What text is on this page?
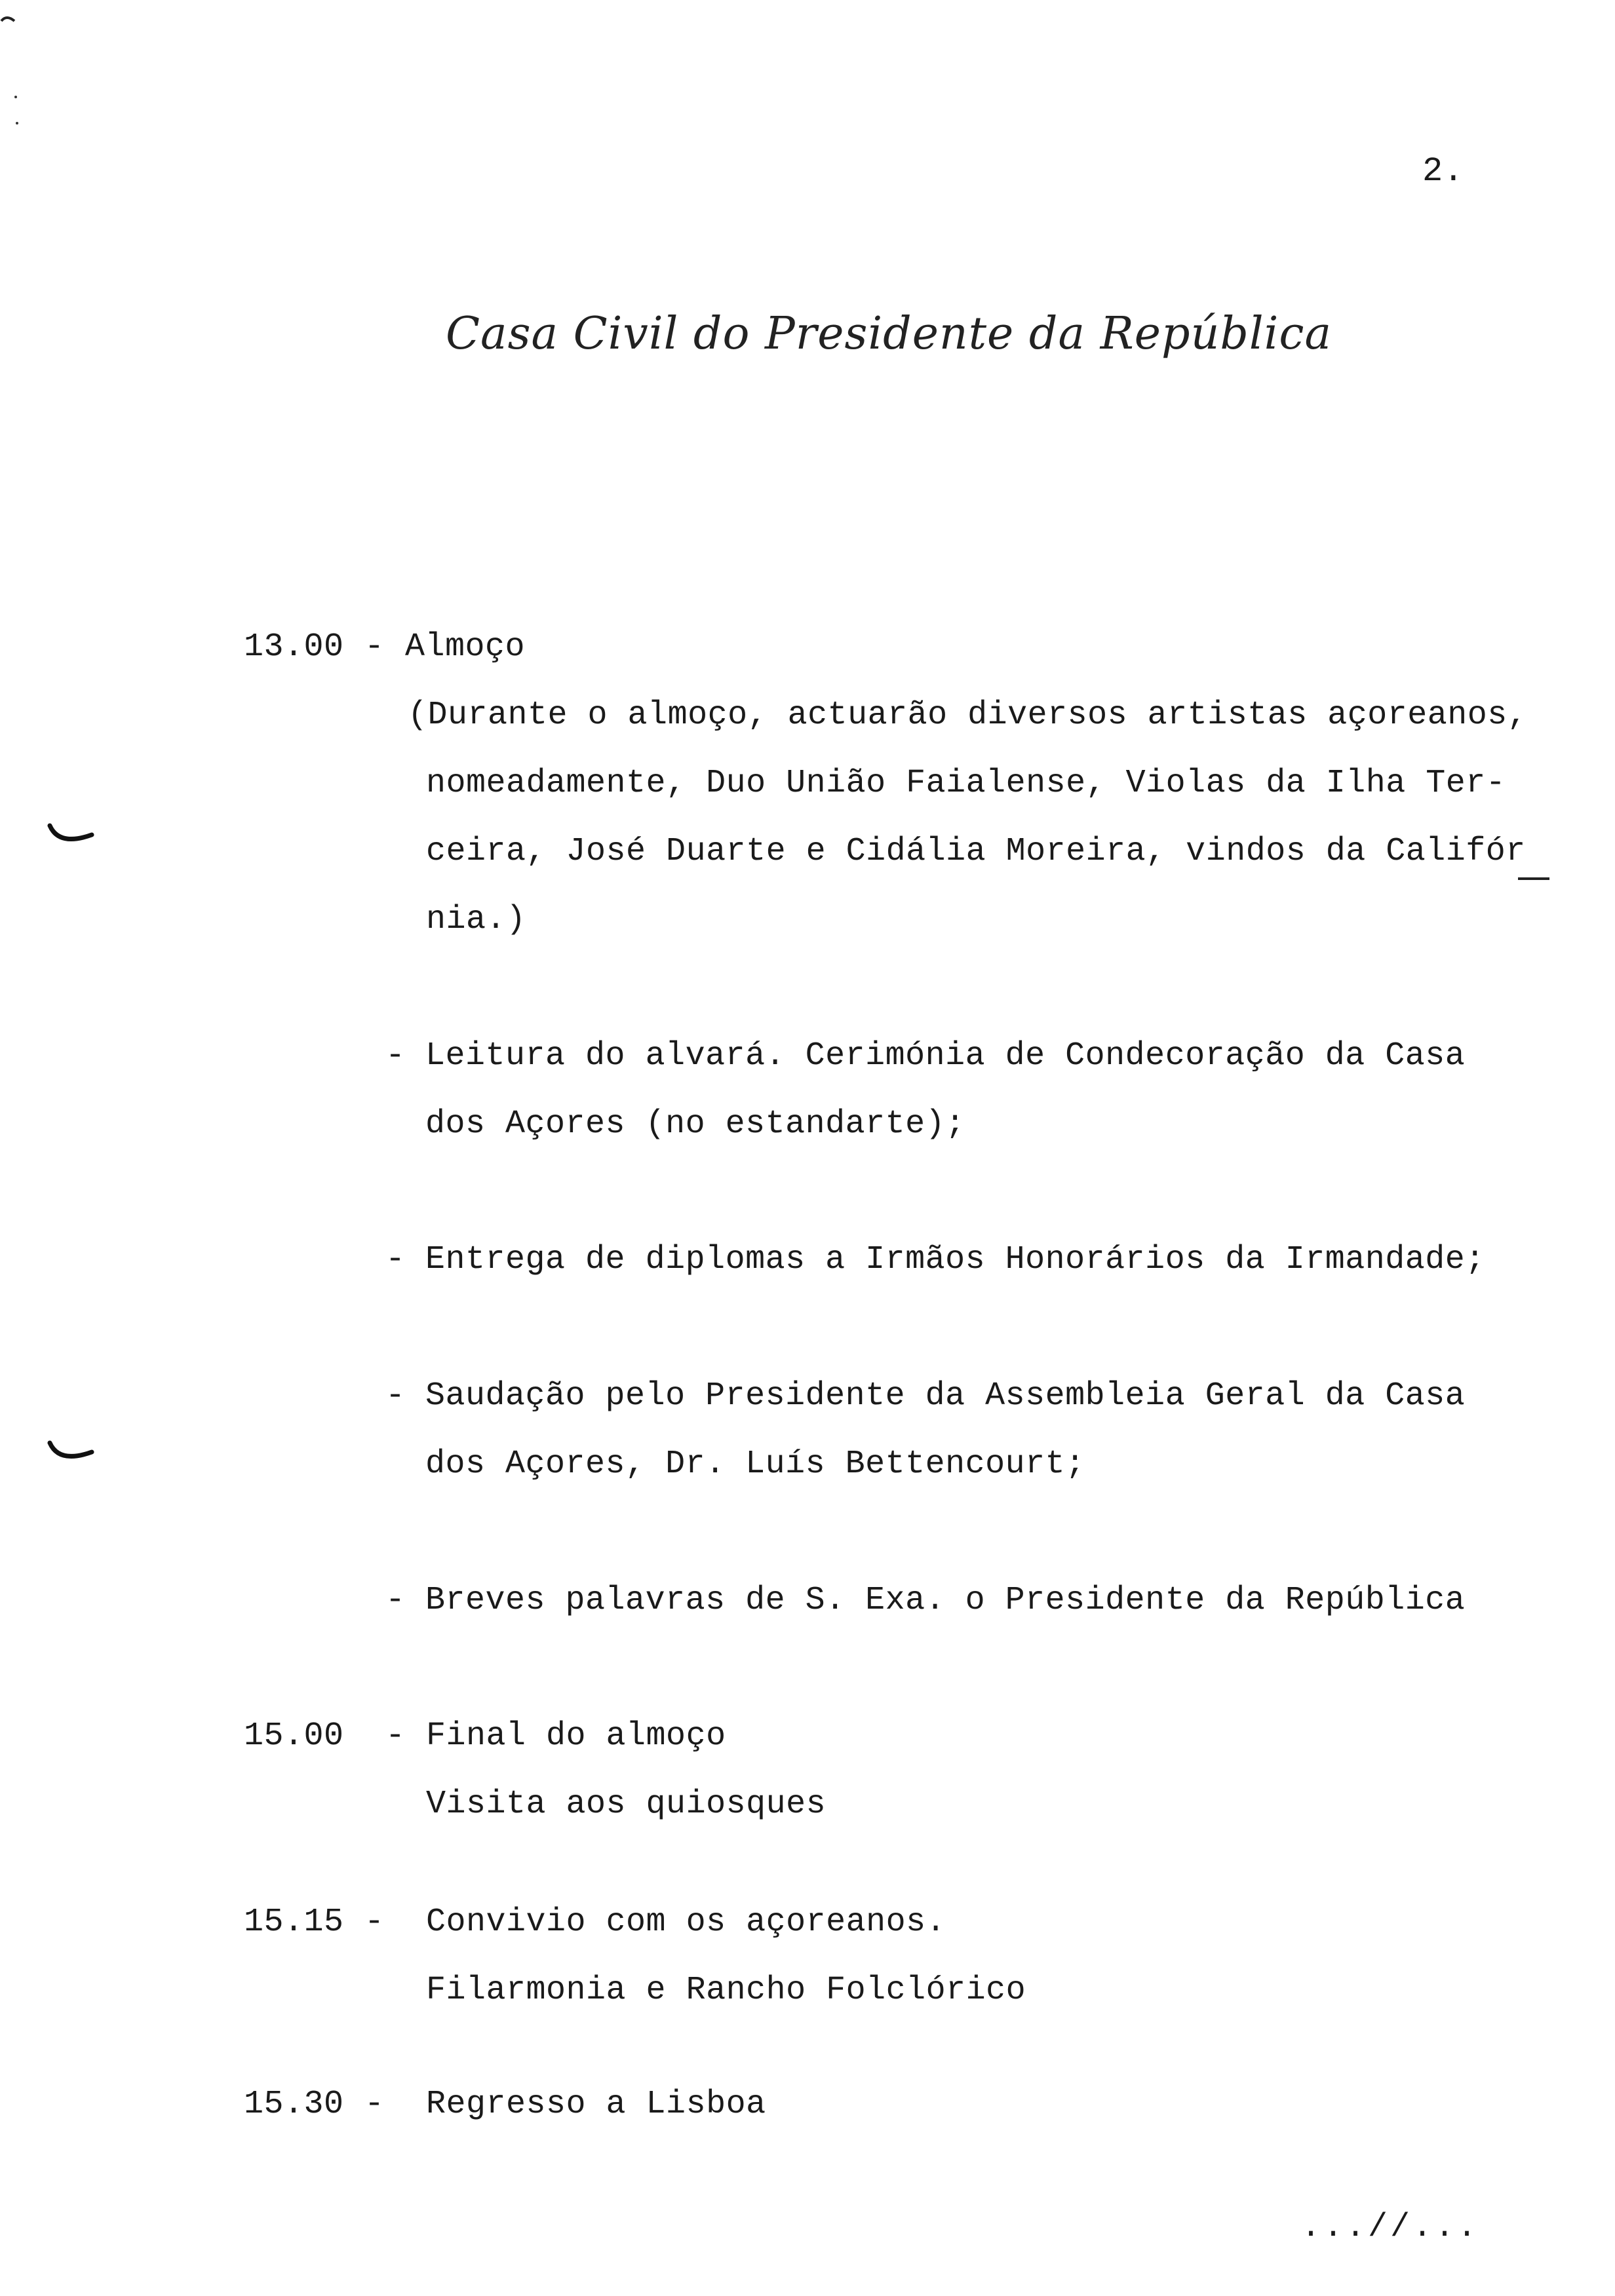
2.
Casa Civil do Presidente da República
13.00 - Almoço
(Durante o almoço, actuarão diversos artistas açoreanos,
nomeadamente, Duo União Faialense, Violas da Ilha Ter-
ceira, José Duarte e Cidália Moreira, vindos da Califór
nia.)
- Leitura do alvará. Cerimónia de Condecoração da Casa
dos Açores (no estandarte);
- Entrega de diplomas a Irmãos Honorários da Irmandade;
- Saudação pelo Presidente da Assembleia Geral da Casa
dos Açores, Dr. Luís Bettencourt;
- Breves palavras de S. Exa. o Presidente da República
15.00 - Final do almoço
Visita aos quiosques
15.15 - Convivio com os açoreanos.
Filarmonia e Rancho Folclórico
15.30 - Regresso a Lisboa
...//...
